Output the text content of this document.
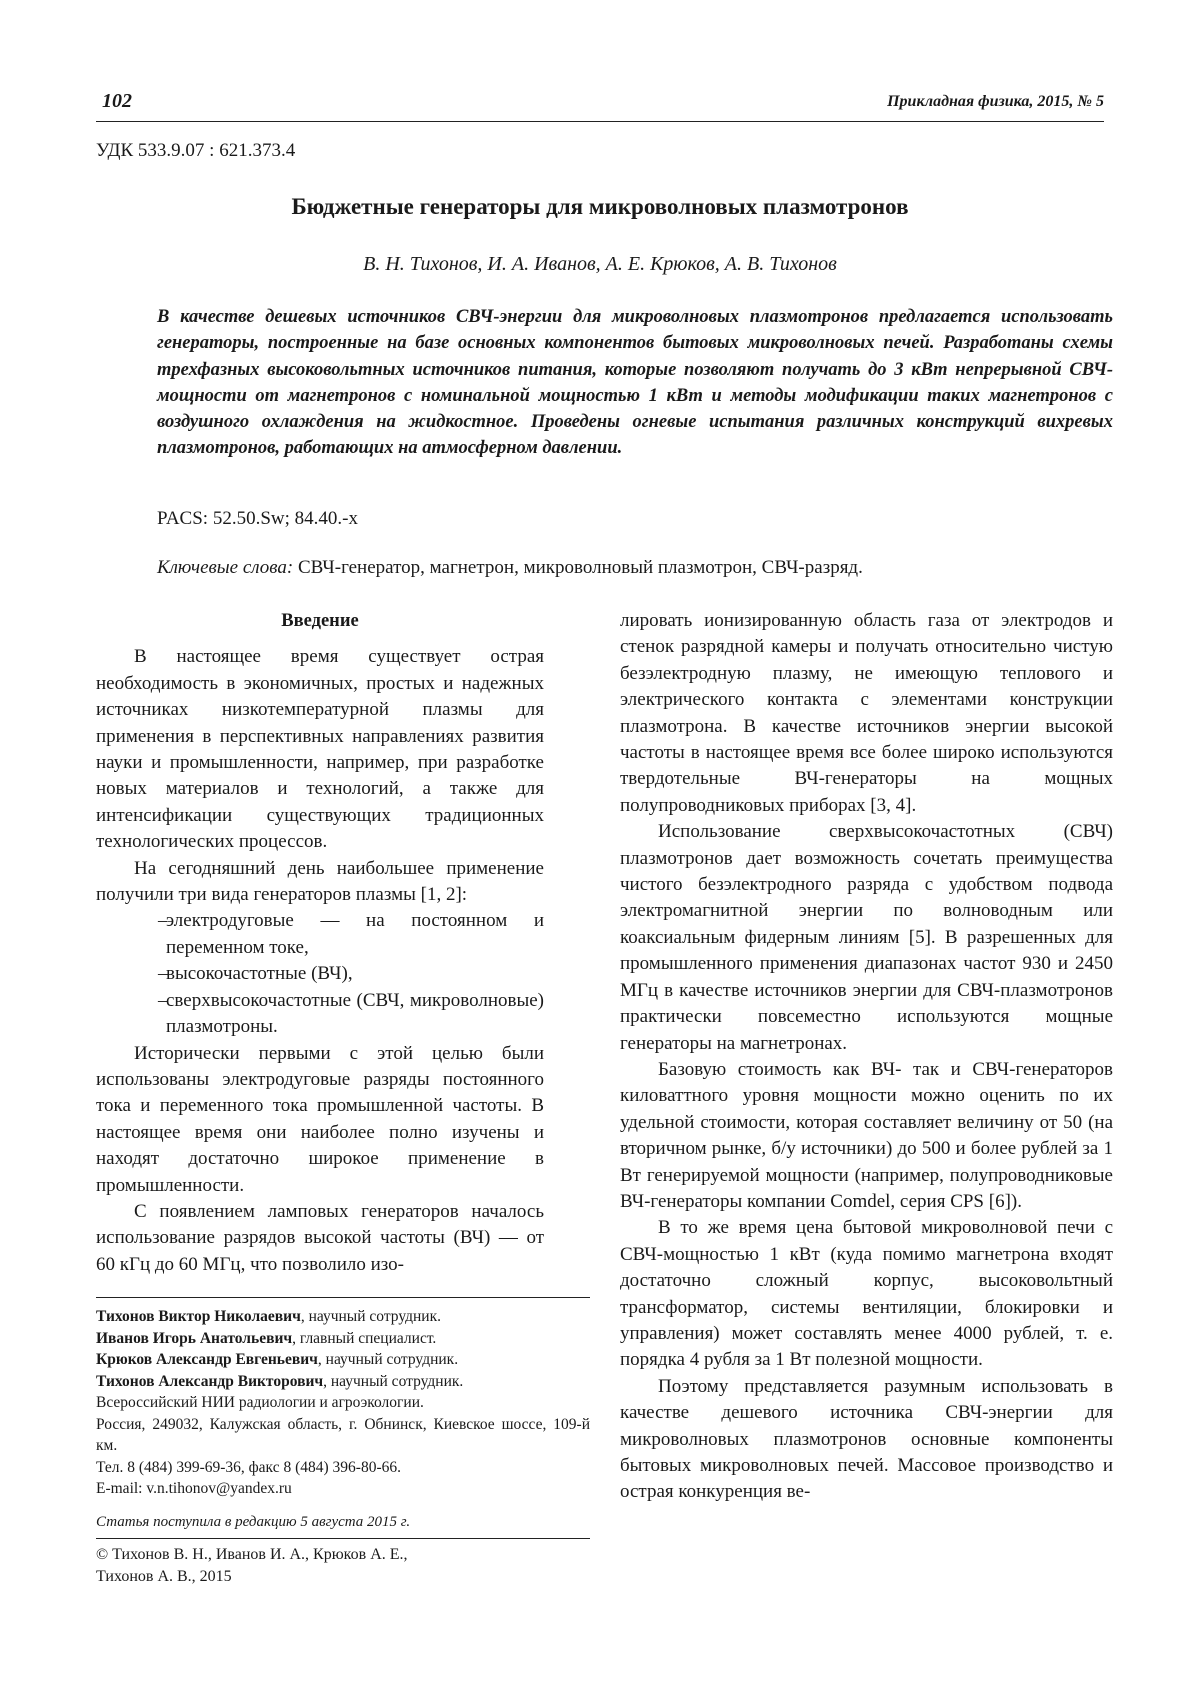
102	Прикладная физика, 2015, № 5
УДК 533.9.07 : 621.373.4
Бюджетные генераторы для микроволновых плазмотронов
В. Н. Тихонов, И. А. Иванов, А. Е. Крюков, А. В. Тихонов
В качестве дешевых источников СВЧ-энергии для микроволновых плазмотронов предлагается использовать генераторы, построенные на базе основных компонентов бытовых микроволновых печей. Разработаны схемы трехфазных высоковольтных источников питания, которые позволяют получать до 3 кВт непрерывной СВЧ-мощности от магнетронов с номинальной мощностью 1 кВт и методы модификации таких магнетронов с воздушного охлаждения на жидкостное. Проведены огневые испытания различных конструкций вихревых плазмотронов, работающих на атмосферном давлении.
PACS: 52.50.Sw; 84.40.-x
Ключевые слова: СВЧ-генератор, магнетрон, микроволновый плазмотрон, СВЧ-разряд.
Введение

В настоящее время существует острая необходимость в экономичных, простых и надежных источниках низкотемпературной плазмы для применения в перспективных направлениях развития науки и промышленности, например, при разработке новых материалов и технологий, а также для интенсификации существующих традиционных технологических процессов.

На сегодняшний день наибольшее применение получили три вида генераторов плазмы [1, 2]:

–
электродуговые — на постоянном и переменном токе,
–
высокочастотные (ВЧ),
–
сверхвысокочастотные (СВЧ, микроволновые) плазмотроны.

Исторически первыми с этой целью были использованы электродуговые разряды постоянного тока и переменного тока промышленной частоты. В настоящее время они наиболее полно изучены и находят достаточно широкое применение в промышленности.

С появлением ламповых генераторов началось использование разрядов высокой частоты (ВЧ) — от 60 кГц до 60 МГц, что позволило изо-

лировать ионизированную область газа от электродов и стенок разрядной камеры и получать относительно чистую безэлектродную плазму, не имеющую теплового и электрического контакта с элементами конструкции плазмотрона. В качестве источников энергии высокой частоты в настоящее время все более широко используются твердотельные ВЧ-генераторы на мощных полупроводниковых приборах [3, 4].

Использование сверхвысокочастотных (СВЧ) плазмотронов дает возможность сочетать преимущества чистого безэлектродного разряда с удобством подвода электромагнитной энергии по волноводным или коаксиальным фидерным линиям [5]. В разрешенных для промышленного применения диапазонах частот 930 и 2450 МГц в качестве источников энергии для СВЧ-плазмотронов практически повсеместно используются мощные генераторы на магнетронах.

Базовую стоимость как ВЧ- так и СВЧ-генераторов киловаттного уровня мощности можно оценить по их удельной стоимости, которая составляет величину от 50 (на вторичном рынке, б/у источники) до 500 и более рублей за 1 Вт генерируемой мощности (например, полупроводниковые ВЧ-генераторы компании Comdel, серия CPS [6]).

В то же время цена бытовой микроволновой печи с СВЧ-мощностью 1 кВт (куда помимо магнетрона входят достаточно сложный корпус, высоковольтный трансформатор, системы вентиляции, блокировки и управления) может составлять менее 4000 рублей, т. е. порядка 4 рубля за 1 Вт полезной мощности.

Поэтому представляется разумным использовать в качестве дешевого источника СВЧ-энергии для микроволновых плазмотронов основные компоненты бытовых микроволновых печей. Массовое производство и острая конкуренция ве-

Тихонов Виктор Николаевич, научный сотрудник.
Иванов Игорь Анатольевич, главный специалист.
Крюков Александр Евгеньевич, научный сотрудник.
Тихонов Александр Викторович, научный сотрудник.
Всероссийский НИИ радиологии и агроэкологии.
Россия, 249032, Калужская область, г. Обнинск, Киевское шоссе, 109-й км.
Тел. 8 (484) 399-69-36, факс 8 (484) 396-80-66.
E-mail: v.n.tihonov@yandex.ru
Статья поступила в редакцию 5 августа 2015 г.
© Тихонов В. Н., Иванов И. А., Крюков А. Е.,
Тихонов А. В., 2015
